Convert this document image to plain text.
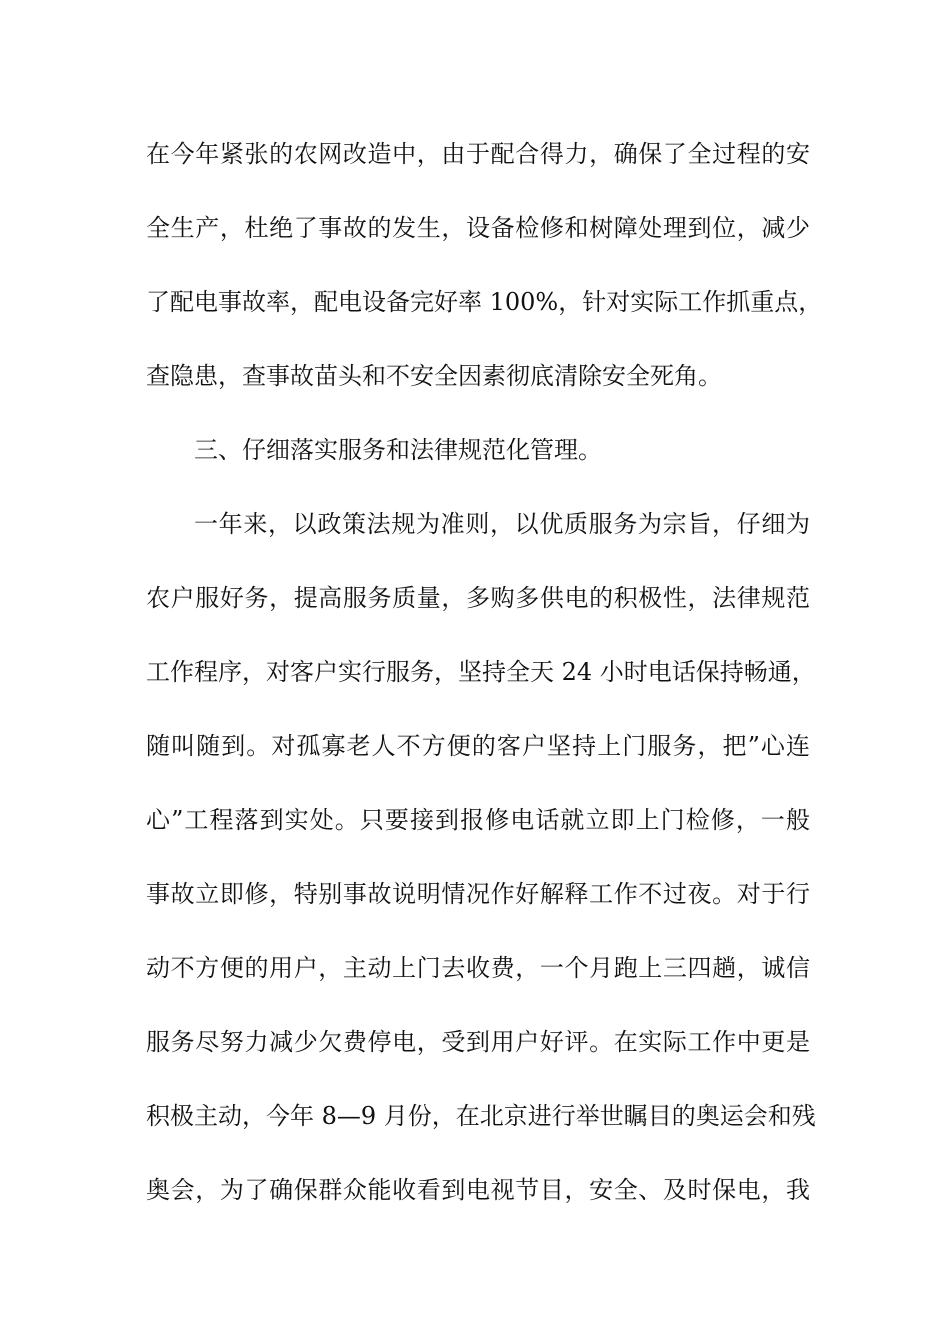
在今年紧张的农网改造中，由于配合得力，确保了全过程的安
全生产，杜绝了事故的发生，设备检修和树障处理到位，减少
了配电事故率，配电设备完好率 100%，针对实际工作抓重点，
查隐患，查事故苗头和不安全因素彻底清除安全死角。
三、仔细落实服务和法律规范化管理。
一年来，以政策法规为准则，以优质服务为宗旨，仔细为
农户服好务，提高服务质量，多购多供电的积极性，法律规范
工作程序，对客户实行服务，坚持全天 24 小时电话保持畅通，
随叫随到。对孤寡老人不方便的客户坚持上门服务，把”心连
心”工程落到实处。只要接到报修电话就立即上门检修，一般
事故立即修，特别事故说明情况作好解释工作不过夜。对于行
动不方便的用户，主动上门去收费，一个月跑上三四趟，诚信
服务尽努力减少欠费停电，受到用户好评。在实际工作中更是
积极主动，今年 8—9 月份，在北京进行举世瞩目的奥运会和残
奥会，为了确保群众能收看到电视节目，安全、及时保电，我
